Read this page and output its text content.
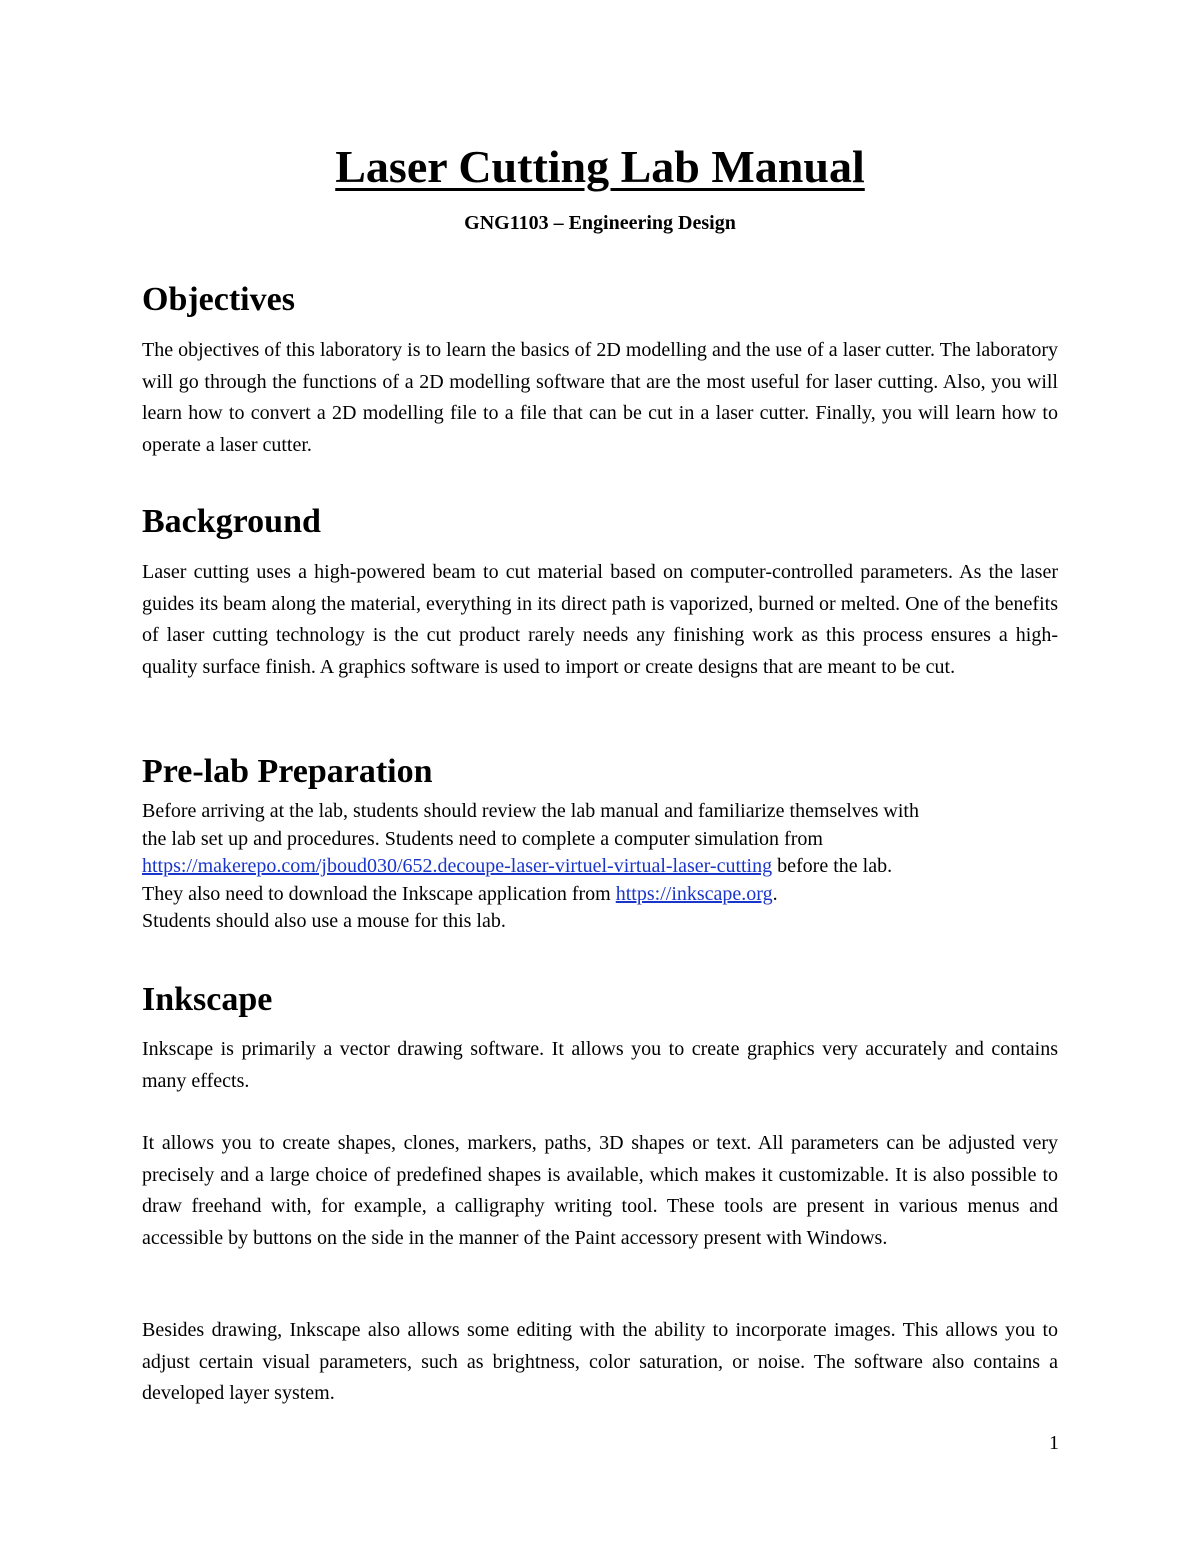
Laser Cutting Lab Manual

GNG1103 – Engineering Design

Objectives

The objectives of this laboratory is to learn the basics of 2D modelling and the use of a laser cutter. The laboratory will go through the functions of a 2D modelling software that are the most useful for laser cutting. Also, you will learn how to convert a 2D modelling file to a file that can be cut in a laser cutter. Finally, you will learn how to operate a laser cutter.

Background

Laser cutting uses a high-powered beam to cut material based on computer-controlled parameters. As the laser guides its beam along the material, everything in its direct path is vaporized, burned or melted. One of the benefits of laser cutting technology is the cut product rarely needs any finishing work as this process ensures a high-quality surface finish. A graphics software is used to import or create designs that are meant to be cut.

Pre-lab Preparation
Before arriving at the lab, students should review the lab manual and familiarize themselves with
the lab set up and procedures. Students need to complete a computer simulation from
https://makerepo.com/jboud030/652.decoupe-laser-virtuel-virtual-laser-cutting before the lab.
They also need to download the Inkscape application from https://inkscape.org.
Students should also use a mouse for this lab.
Inkscape

Inkscape is primarily a vector drawing software. It allows you to create graphics very accurately and contains many effects.

It allows you to create shapes, clones, markers, paths, 3D shapes or text. All parameters can be adjusted very precisely and a large choice of predefined shapes is available, which makes it customizable. It is also possible to draw freehand with, for example, a calligraphy writing tool. These tools are present in various menus and accessible by buttons on the side in the manner of the Paint accessory present with Windows.

Besides drawing, Inkscape also allows some editing with the ability to incorporate images. This allows you to adjust certain visual parameters, such as brightness, color saturation, or noise. The software also contains a developed layer system.

1
